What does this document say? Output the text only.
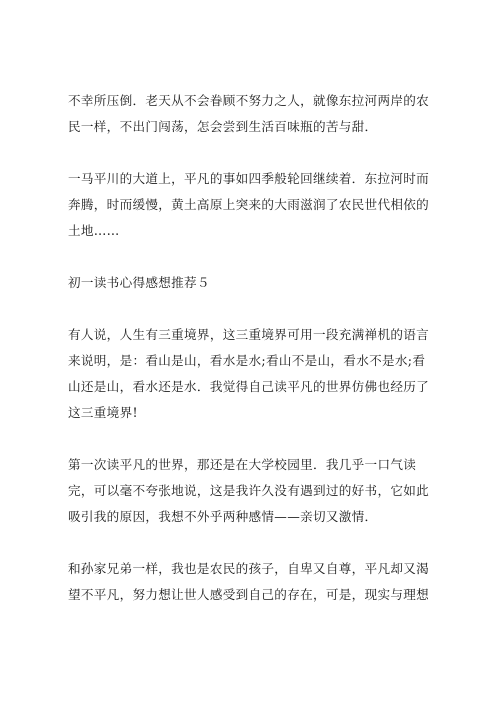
不幸所压倒．老天从不会眷顾不努力之人，就像东拉河两岸的农
民一样，不出门闯荡，怎会尝到生活百味瓶的苦与甜．

一马平川的大道上，平凡的事如四季般轮回继续着．东拉河时而
奔腾，时而缓慢，黄土高原上突来的大雨滋润了农民世代相依的
土地……

初一读书心得感想推荐５

有人说，人生有三重境界，这三重境界可用一段充满禅机的语言
来说明，是：看山是山，看水是水;看山不是山，看水不是水;看
山还是山，看水还是水．我觉得自己读平凡的世界仿佛也经历了
这三重境界!

第一次读平凡的世界，那还是在大学校园里．我几乎一口气读
完，可以毫不夸张地说，这是我许久没有遇到过的好书，它如此
吸引我的原因，我想不外乎两种感情——亲切又激情．

和孙家兄弟一样，我也是农民的孩子，自卑又自尊，平凡却又渴
望不平凡，努力想让世人感受到自己的存在，可是，现实与理想
